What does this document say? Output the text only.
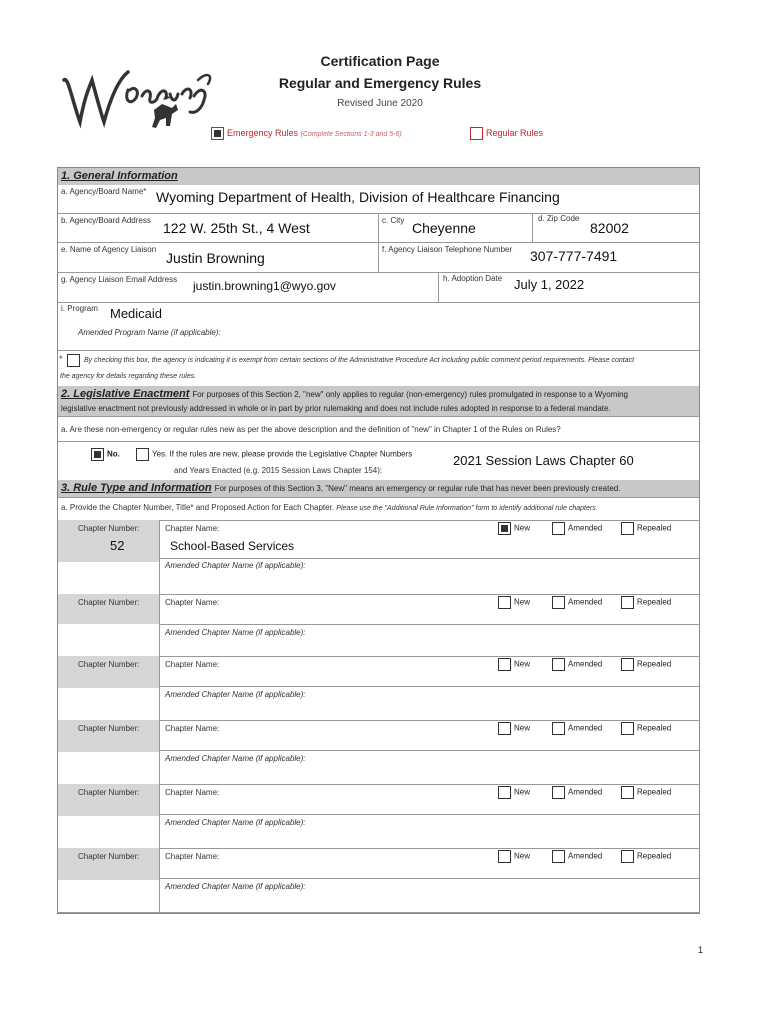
Certification Page
Regular and Emergency Rules
Revised June 2020
Emergency Rules (Complete Sections 1-3 and 5-6)	Regular Rules
1. General Information
a. Agency/Board Name* Wyoming Department of Health, Division of Healthcare Financing
b. Agency/Board Address 122 W. 25th St., 4 West	c. City Cheyenne
d. Zip Code
82002
e. Name of Agency Liaison
Justin Browning
f. Agency Liaison Telephone Number 307-777-7491
g. Agency Liaison Email Address justin.browning1@wyo.gov
h. Adoption Date July 1, 2022
i. Program Medicaid
Amended Program Name (if applicable):
*	By checking this box, the agency is indicating it is exempt from certain sections of the Administrative Procedure Act including public comment period requirements. Please contact
the agency for details regarding these rules.
2. Legislative Enactment For purposes of this Section 2, "new" only applies to regular (non-emergency) rules promulgated in response to a Wyoming
legislative enactment not previously addressed in whole or in part by prior rulemaking and does not include rules adopted in response to a federal mandate.
a. Are these non-emergency or regular rules new as per the above description and the definition of "new" in Chapter 1 of the Rules on Rules?
No.	Yes. If the rules are new, please provide the Legislative Chapter Numbers
and Years Enacted (e.g. 2015 Session Laws Chapter 154):
2021 Session Laws Chapter 60
3. Rule Type and Information For purposes of this Section 3, "New" means an emergency or regular rule that has never been previously created.
a. Provide the Chapter Number, Title* and Proposed Action for Each Chapter. Please use the "Additional Rule Information" form to identify additional rule chapters.
Chapter Number:
52
Chapter Name:
School-Based Services
New	Amended	Repealed
Amended Chapter Name (if applicable):
Chapter Number:	Chapter Name:	New	Amended	Repealed
Amended Chapter Name (if applicable):
Chapter Number:	Chapter Name:	New	Amended	Repealed
Amended Chapter Name (if applicable):
Chapter Number:	Chapter Name:	New	Amended	Repealed
Amended Chapter Name (if applicable):
Chapter Number:	Chapter Name:	New	Amended	Repealed
Amended Chapter Name (if applicable):
Chapter Number:	Chapter Name:	New	Amended	Repealed
Amended Chapter Name (if applicable):
1
